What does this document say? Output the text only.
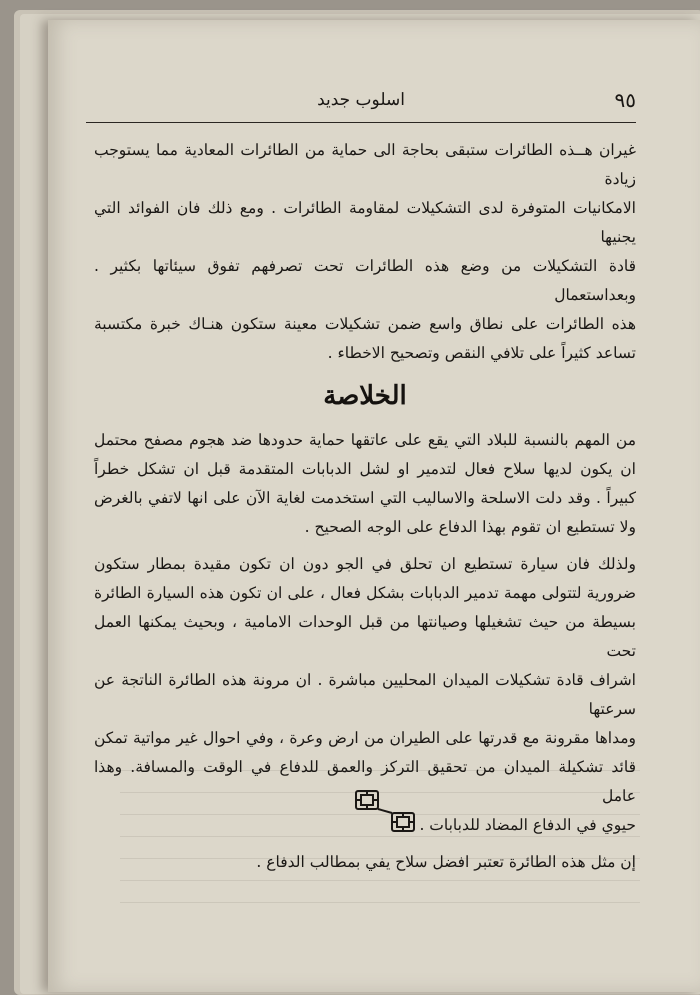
٩٥
اسلوب جديد

غيران هــذه الطائرات ستبقى بحاجة الى حماية من الطائرات المعادية مما يستوجب زيادة
الامكانيات المتوفرة لدى التشكيلات لمقاومة الطائرات . ومع ذلك فان الفوائد التي يجنيها
قادة التشكيلات من وضع هذه الطائرات تحت تصرفهم تفوق سيئاتها بكثير . وبعداستعمال
هذه الطائرات على نطاق واسع ضمن تشكيلات معينة ستكون هنـاك خبرة مكتسبة
تساعد كثيراً على تلافي النقص وتصحيح الاخطاء .

الخلاصة

من المهم بالنسبة للبلاد التي يقع على عاتقها حماية حدودها ضد هجوم مصفح محتمل
ان يكون لديها سلاح فعال لتدمير او لشل الدبابات المتقدمة قبل ان تشكل خطراً
كبيراً . وقد دلت الاسلحة والاساليب التي استخدمت لغاية الآن على انها لاتفي بالغرض
ولا تستطيع ان تقوم بهذا الدفاع على الوجه الصحيح .

ولذلك فان سيارة تستطيع ان تحلق في الجو دون ان تكون مقيدة بمطار ستكون
ضرورية لتتولى مهمة تدمير الدبابات بشكل فعال ، على ان تكون هذه السيارة الطائرة
بسيطة من حيث تشغيلها وصيانتها من قبل الوحدات الامامية ، وبحيث يمكنها العمل تحت
اشراف قادة تشكيلات الميدان المحليين مباشرة . ان مرونة هذه الطائرة الناتجة عن سرعتها
ومداها مقرونة مع قدرتها على الطيران من ارض وعرة ، وفي احوال غير مواتية تمكن
قائد تشكيلة الميدان من تحقيق التركز والعمق للدفاع في الوقت والمسافة. وهذا عامل
حيوي في الدفاع المضاد للدبابات .

إن مثل هذه الطائرة تعتبر افضل سلاح يفي بمطالب الدفاع .
